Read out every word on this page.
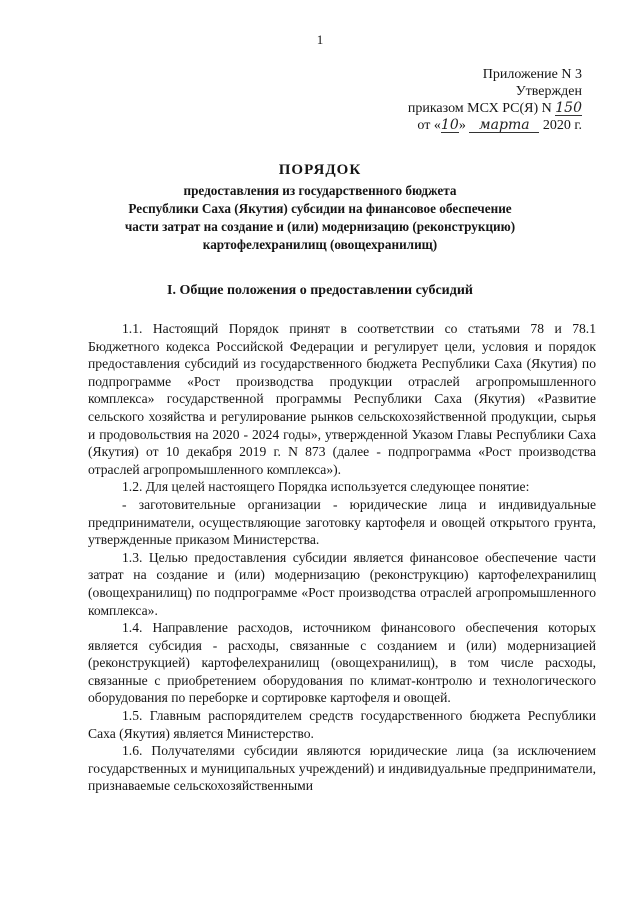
1
Приложение N 3
Утвержден
приказом МСХ РС(Я) N 150
от «10» марта 2020 г.
ПОРЯДОК
предоставления из государственного бюджета
Республики Саха (Якутия) субсидии на финансовое обеспечение
части затрат на создание и (или) модернизацию (реконструкцию)
картофелехранилищ (овощехранилищ)
I. Общие положения о предоставлении субсидий

1.1. Настоящий Порядок принят в соответствии со статьями 78 и 78.1 Бюджетного кодекса Российской Федерации и регулирует цели, условия и порядок предоставления субсидий из государственного бюджета Республики Саха (Якутия) по подпрограмме «Рост производства продукции отраслей агропромышленного комплекса» государственной программы Республики Саха (Якутия) «Развитие сельского хозяйства и регулирование рынков сельскохозяйственной продукции, сырья и продовольствия на 2020 - 2024 годы», утвержденной Указом Главы Республики Саха (Якутия) от 10 декабря 2019 г. N 873 (далее - подпрограмма «Рост производства отраслей агропромышленного комплекса»).

1.2. Для целей настоящего Порядка используется следующее понятие:

- заготовительные организации - юридические лица и индивидуальные предприниматели, осуществляющие заготовку картофеля и овощей открытого грунта, утвержденные приказом Министерства.

1.3. Целью предоставления субсидии является финансовое обеспечение части затрат на создание и (или) модернизацию (реконструкцию) картофелехранилищ (овощехранилищ) по подпрограмме «Рост производства отраслей агропромышленного комплекса».

1.4. Направление расходов, источником финансового обеспечения которых является субсидия - расходы, связанные с созданием и (или) модернизацией (реконструкцией) картофелехранилищ (овощехранилищ), в том числе расходы, связанные с приобретением оборудования по климат-контролю и технологического оборудования по переборке и сортировке картофеля и овощей.

1.5. Главным распорядителем средств государственного бюджета Республики Саха (Якутия) является Министерство.

1.6. Получателями субсидии являются юридические лица (за исключением государственных и муниципальных учреждений) и индивидуальные предприниматели, признаваемые сельскохозяйственными
